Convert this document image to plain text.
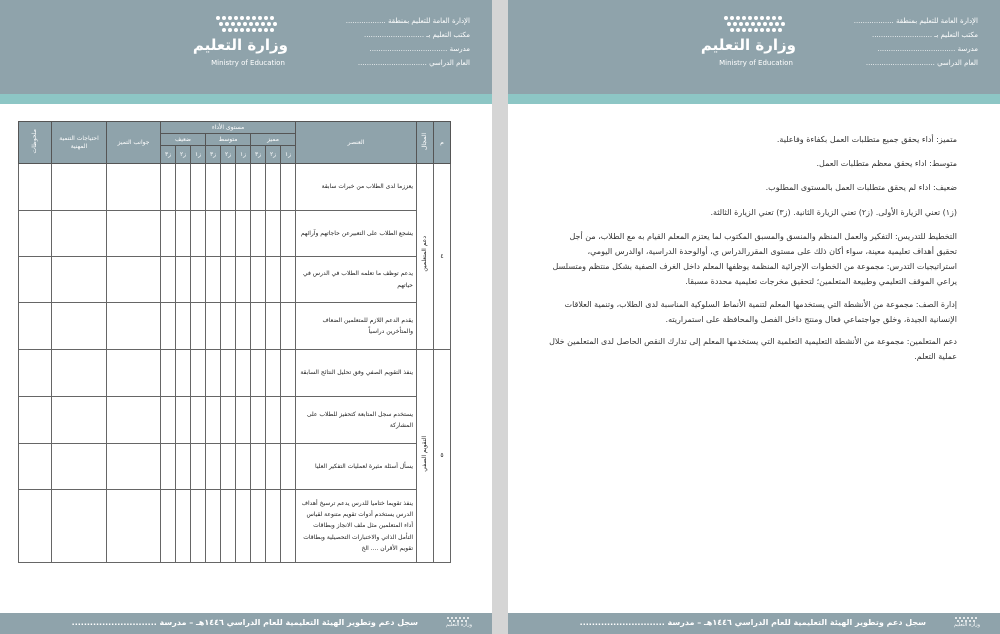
وزارة التعليم
Ministry of Education
الإدارة العامة للتعليم بمنطقة ..................
مكتب التعليم بـ ...........................
مدرسة ...................................
العام الدراسي ...............................
م	المجال	العنصر	مستوى الأداء									جوانب التميز	احتياجات التنمية المهنية	ملحوظات
			مميز			متوسط			ضعيف					
			ز١	ز٢	ز٣	ز١	ز٢	ز٣	ز١	ز٢	ز٣			
٤	دعم المتعلمين	يعززما لدى الطلاب من خبرات سابقة												
		يشجع الطلاب على التعبيرعن حاجاتهم وآرائهم												
		يدعم توظف ما تعلمه الطلاب في الدرس في حياتهم												
		يقدم الدعم اللازم للمتعلمين الضعاف والمتأخرين دراسياً												
٥	التقويم الصفي	ينفذ التقويم الصفي وفق تحليل النتائج السابقة												
		يستخدم سجل المتابعة كتحفيز للطلاب على المشاركة												
		يسأل أسئلة مثيرة لعمليات التفكير العليا												
		ينفذ تقويما ختاميا للدرس يدعم ترسيخ أهداف الدرس يستخدم أدوات تقويم متنوعة لقياس أداء المتعلمين مثل ملف الانجاز وبطاقات التأمل الذاتي والاختبارات التحصيلية وبطاقات تقويم الأقران .... الخ												
سجل دعم وتطوير الهيئة التعليمية للعام الدراسي ١٤٤٦هـ – مدرسة ............................	وزارة التعليم
وزارة التعليم
Ministry of Education
الإدارة العامة للتعليم بمنطقة ..................
مكتب التعليم بـ ...........................
مدرسة ...................................
العام الدراسي ...............................

متميز: أداء يحقق جميع متطلبات العمل بكفاءة وفاعلية.

متوسط: اداء يحقق معظم متطلبات العمل.

ضعيف: اداء لم يحقق متطلبات العمل بالمستوى المطلوب.

(ز١) تعني الزيارة الأولى. (ز٢) تعني الزيارة الثانية. (ز٣) تعني الزيارة الثالثة.

التخطيط للتدريس: التفكير والعمل المنظم والمنسق والمسبق المكتوب لما يعتزم المعلم القيام به مع الطلاب، من أجل تحقيق أهداف تعليمية معينة، سواء أكان ذلك على مستوى المقررالدراس ي، أوالوحدة الدراسية، اوالدرس اليومي، استراتيجيات التدرس: مجموعة من الخطوات الإجرائية المنظمة يوظفها المعلم داخل الغرف الصفية بشكل منتظم ومتسلسل يراعي الموقف التعليمي وطبيعة المتعلمين؛ لتحقيق مخرجات تعليمية محددة مسبقا.

إدارة الصف: مجموعة من الأنشطة التي يستخدمها المعلم لتنمية الأنماط السلوكية المناسبة لدى الطلاب، وتنمية العلاقات الإنسانية الجيدة، وخلق جواجتماعي فعال ومنتج داخل الفصل والمحافظة على استمراريته.

دعم المتعلمين: مجموعة من الأنشطة التعليمية التعلمية التي يستخدمها المعلم إلى تدارك النقص الحاصل لدى المتعلمين خلال عملية التعلم.

سجل دعم وتطوير الهيئة التعليمية للعام الدراسي ١٤٤٦هـ – مدرسة ............................	وزارة التعليم
